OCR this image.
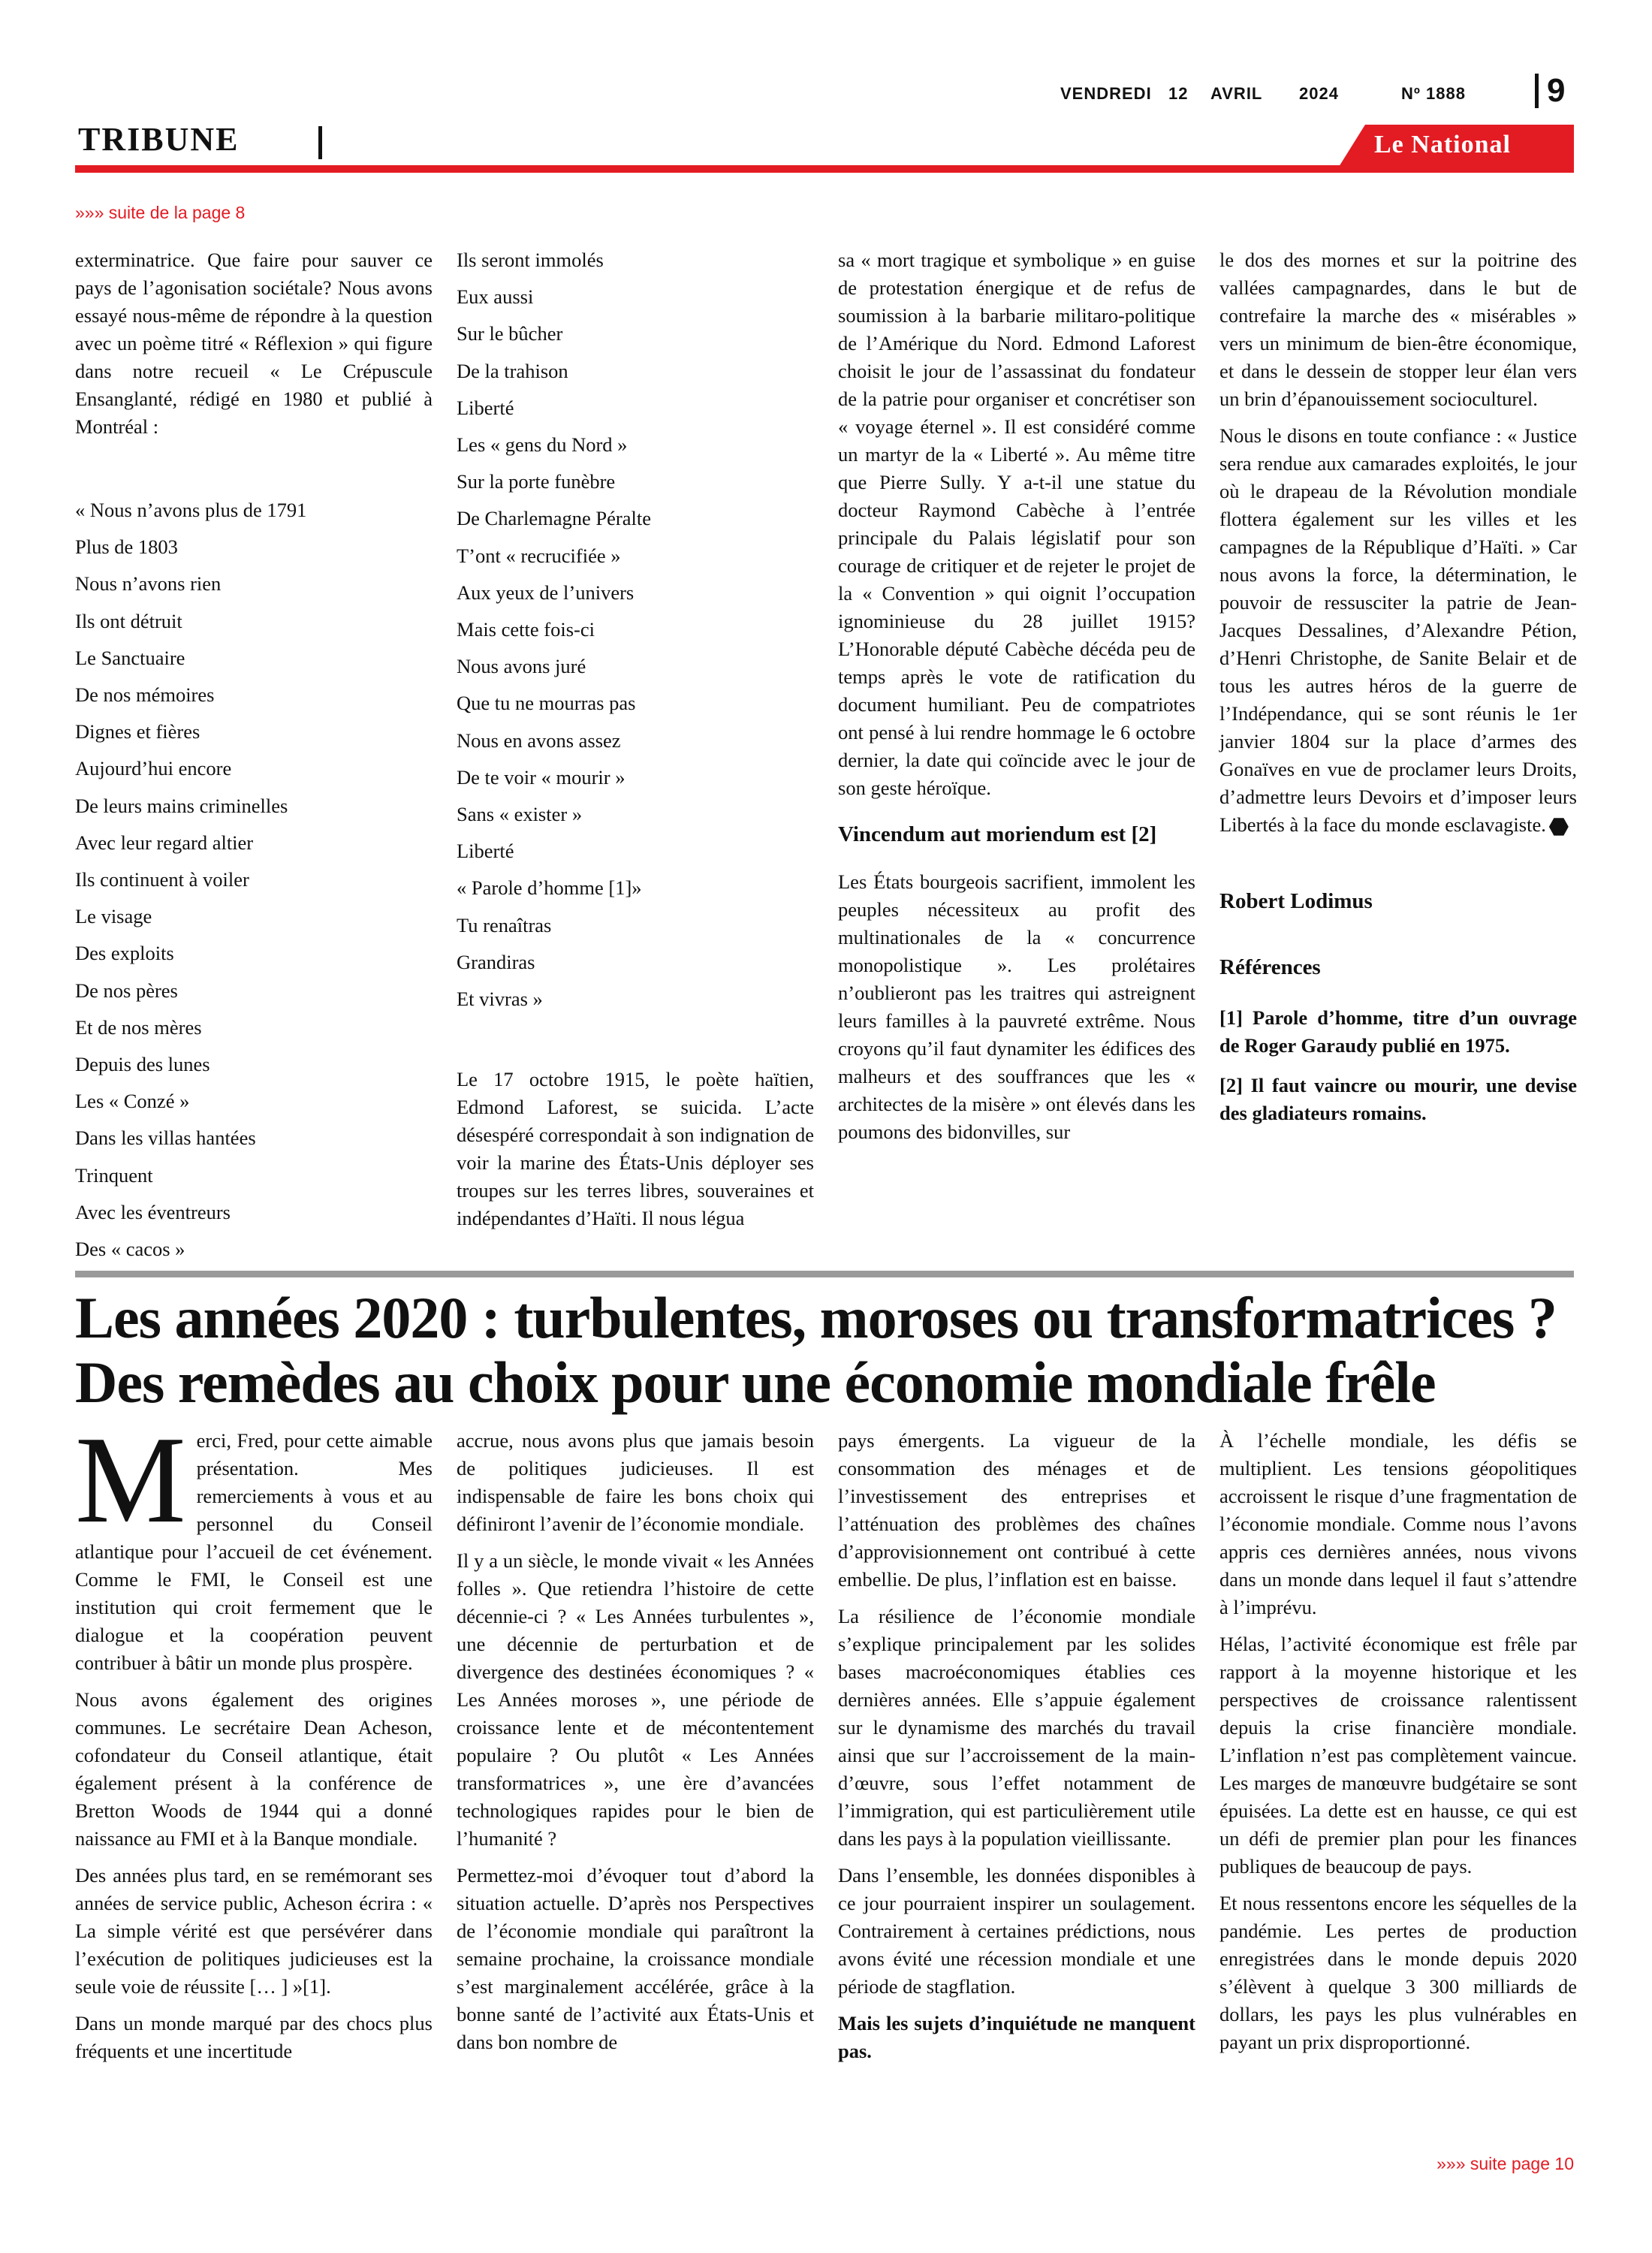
VENDREDI 12 AVRIL 2024	Nº 1888 9
TRIBUNE	Le National
»»» suite de la page 8

exterminatrice. Que faire pour sauver ce pays de l’agonisation sociétale? Nous avons essayé nous-même de répondre à la question avec un poème titré « Réflexion » qui figure dans notre recueil « Le Crépuscule Ensanglanté, rédigé en 1980 et publié à Montréal :

« Nous n’avons plus de 1791
Plus de 1803
Nous n’avons rien
Ils ont détruit
Le Sanctuaire
De nos mémoires
Dignes et fières
Aujourd’hui encore
De leurs mains criminelles
Avec leur regard altier
Ils continuent à voiler
Le visage
Des exploits
De nos pères
Et de nos mères
Depuis des lunes
Les « Conzé »
Dans les villas hantées
Trinquent
Avec les éventreurs
Des « cacos »
Ils seront immolés
Eux aussi
Sur le bûcher
De la trahison
Liberté
Les « gens du Nord »
Sur la porte funèbre
De Charlemagne Péralte
T’ont « recrucifiée »
Aux yeux de l’univers
Mais cette fois-ci
Nous avons juré
Que tu ne mourras pas
Nous en avons assez
De te voir « mourir »
Sans « exister »
Liberté
« Parole d’homme [1]»
Tu renaîtras
Grandiras
Et vivras »

Le 17 octobre 1915, le poète haïtien, Edmond Laforest, se suicida. L’acte désespéré correspondait à son indignation de voir la marine des États-Unis déployer ses troupes sur les terres libres, souveraines et indépendantes d’Haïti. Il nous légua

sa « mort tragique et symbolique » en guise de protestation énergique et de refus de soumission à la barbarie militaro-politique de l’Amérique du Nord. Edmond Laforest choisit le jour de l’assassinat du fondateur de la patrie pour organiser et concrétiser son « voyage éternel ». Il est considéré comme un martyr de la « Liberté ». Au même titre que Pierre Sully. Y a-t-il une statue du docteur Raymond Cabèche à l’entrée principale du Palais législatif pour son courage de critiquer et de rejeter le projet de la « Convention » qui oignit l’occupation ignominieuse du 28 juillet 1915? L’Honorable député Cabèche décéda peu de temps après le vote de ratification du document humiliant. Peu de compatriotes ont pensé à lui rendre hommage le 6 octobre dernier, la date qui coïncide avec le jour de son geste héroïque.

Vincendum aut moriendum est [2]

Les États bourgeois sacrifient, immolent les peuples nécessiteux au profit des multinationales de la « concurrence monopolistique ». Les prolétaires n’oublieront pas les traitres qui astreignent leurs familles à la pauvreté extrême. Nous croyons qu’il faut dynamiter les édifices des malheurs et des souffrances que les « architectes de la misère » ont élevés dans les poumons des bidonvilles, sur

le dos des mornes et sur la poitrine des vallées campagnardes, dans le but de contrefaire la marche des « misérables » vers un minimum de bien-être économique, et dans le dessein de stopper leur élan vers un brin d’épanouissement socioculturel.

Nous le disons en toute confiance : « Justice sera rendue aux camarades exploités, le jour où le drapeau de la Révolution mondiale flottera également sur les villes et les campagnes de la République d’Haïti. » Car nous avons la force, la détermination, le pouvoir de ressusciter la patrie de Jean-Jacques Dessalines, d’Alexandre Pétion, d’Henri Christophe, de Sanite Belair et de tous les autres héros de la guerre de l’Indépendance, qui se sont réunis le 1er janvier 1804 sur la place d’armes des Gonaïves en vue de proclamer leurs Droits, d’admettre leurs Devoirs et d’imposer leurs Libertés à la face du monde esclavagiste.

Robert Lodimus

Références

[1] Parole d’homme, titre d’un ouvrage de Roger Garaudy publié en 1975.

[2] Il faut vaincre ou mourir, une devise des gladiateurs romains.

Les années 2020 : turbulentes, moroses ou transformatrices ? Des remèdes au choix pour une économie mondiale frêle

Merci, Fred, pour cette aimable présentation. Mes remerciements à vous et au personnel du Conseil atlantique pour l’accueil de cet événement. Comme le FMI, le Conseil est une institution qui croit fermement que le dialogue et la coopération peuvent contribuer à bâtir un monde plus prospère.

Nous avons également des origines communes. Le secrétaire Dean Acheson, cofondateur du Conseil atlantique, était également présent à la conférence de Bretton Woods de 1944 qui a donné naissance au FMI et à la Banque mondiale.

Des années plus tard, en se remémorant ses années de service public, Acheson écrira : « La simple vérité est que persévérer dans l’exécution de politiques judicieuses est la seule voie de réussite [… ] »[1].

Dans un monde marqué par des chocs plus fréquents et une incertitude

accrue, nous avons plus que jamais besoin de politiques judicieuses. Il est indispensable de faire les bons choix qui définiront l’avenir de l’économie mondiale.

Il y a un siècle, le monde vivait « les Années folles ». Que retiendra l’histoire de cette décennie-ci ? « Les Années turbulentes », une décennie de perturbation et de divergence des destinées économiques ? « Les Années moroses », une période de croissance lente et de mécontentement populaire ? Ou plutôt « Les Années transformatrices », une ère d’avancées technologiques rapides pour le bien de l’humanité ?

Permettez-moi d’évoquer tout d’abord la situation actuelle. D’après nos Perspectives de l’économie mondiale qui paraîtront la semaine prochaine, la croissance mondiale s’est marginalement accélérée, grâce à la bonne santé de l’activité aux États-Unis et dans bon nombre de

pays émergents. La vigueur de la consommation des ménages et de l’investissement des entreprises et l’atténuation des problèmes des chaînes d’approvisionnement ont contribué à cette embellie. De plus, l’inflation est en baisse.

La résilience de l’économie mondiale s’explique principalement par les solides bases macroéconomiques établies ces dernières années. Elle s’appuie également sur le dynamisme des marchés du travail ainsi que sur l’accroissement de la main-d’œuvre, sous l’effet notamment de l’immigration, qui est particulièrement utile dans les pays à la population vieillissante.

Dans l’ensemble, les données disponibles à ce jour pourraient inspirer un soulagement. Contrairement à certaines prédictions, nous avons évité une récession mondiale et une période de stagflation.

Mais les sujets d’inquiétude ne manquent pas.

À l’échelle mondiale, les défis se multiplient. Les tensions géopolitiques accroissent le risque d’une fragmentation de l’économie mondiale. Comme nous l’avons appris ces dernières années, nous vivons dans un monde dans lequel il faut s’attendre à l’imprévu.

Hélas, l’activité économique est frêle par rapport à la moyenne historique et les perspectives de croissance ralentissent depuis la crise financière mondiale. L’inflation n’est pas complètement vaincue. Les marges de manœuvre budgétaire se sont épuisées. La dette est en hausse, ce qui est un défi de premier plan pour les finances publiques de beaucoup de pays.

Et nous ressentons encore les séquelles de la pandémie. Les pertes de production enregistrées dans le monde depuis 2020 s’élèvent à quelque 3 300 milliards de dollars, les pays les plus vulnérables en payant un prix disproportionné.

»»» suite page 10
